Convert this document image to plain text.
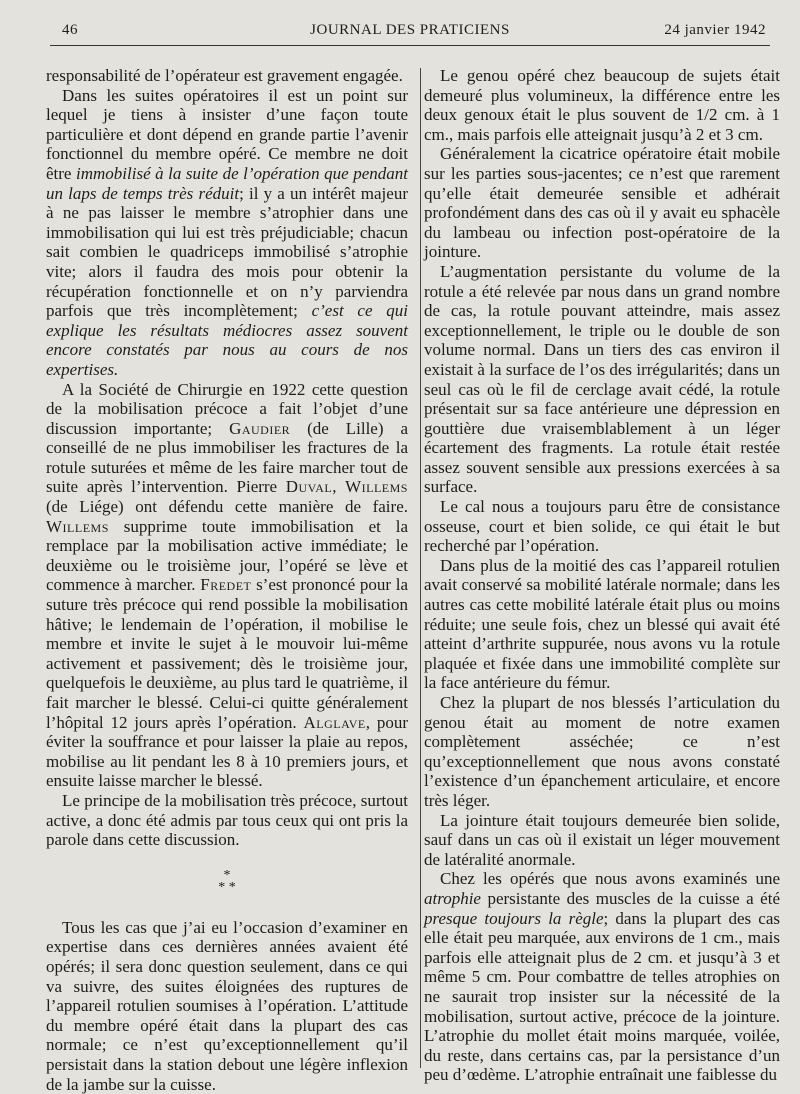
46	JOURNAL DES PRATICIENS	24 janvier 1942

responsabilité de l’opérateur est gravement engagée.

Dans les suites opératoires il est un point sur lequel je tiens à insister d’une façon toute particulière et dont dépend en grande partie l’avenir fonctionnel du membre opéré. Ce membre ne doit être immobilisé à la suite de l’opération que pendant un laps de temps très réduit; il y a un intérêt majeur à ne pas laisser le membre s’atrophier dans une immobilisation qui lui est très préjudiciable; chacun sait combien le quadriceps immobilisé s’atrophie vite; alors il faudra des mois pour obtenir la récupération fonctionnelle et on n’y parviendra parfois que très incomplètement; c’est ce qui explique les résultats médiocres assez souvent encore constatés par nous au cours de nos expertises.

A la Société de Chirurgie en 1922 cette question de la mobilisation précoce a fait l’objet d’une discussion importante; Gaudier (de Lille) a conseillé de ne plus immobiliser les fractures de la rotule suturées et même de les faire marcher tout de suite après l’intervention. Pierre Duval, Willems (de Liége) ont défendu cette manière de faire. Willems supprime toute immobilisation et la remplace par la mobilisation active immédiate; le deuxième ou le troisième jour, l’opéré se lève et commence à marcher. Fredet s’est prononcé pour la suture très précoce qui rend possible la mobilisation hâtive; le lendemain de l’opération, il mobilise le membre et invite le sujet à le mouvoir lui-même activement et passivement; dès le troisième jour, quelquefois le deuxième, au plus tard le quatrième, il fait marcher le blessé. Celui-ci quitte généralement l’hôpital 12 jours après l’opération. Alglave, pour éviter la souffrance et pour laisser la plaie au repos, mobilise au lit pendant les 8 à 10 premiers jours, et ensuite laisse marcher le blessé.

Le principe de la mobilisation très précoce, surtout active, a donc été admis par tous ceux qui ont pris la parole dans cette discussion.

*
* *

Tous les cas que j’ai eu l’occasion d’examiner en expertise dans ces dernières années avaient été opérés; il sera donc question seulement, dans ce qui va suivre, des suites éloignées des ruptures de l’appareil rotulien soumises à l’opération. L’attitude du membre opéré était dans la plupart des cas normale; ce n’est qu’exceptionnellement qu’il persistait dans la station debout une légère inflexion de la jambe sur la cuisse.

Le genou opéré chez beaucoup de sujets était demeuré plus volumineux, la différence entre les deux genoux était le plus souvent de 1/2 cm. à 1 cm., mais parfois elle atteignait jusqu’à 2 et 3 cm.

Généralement la cicatrice opératoire était mobile sur les parties sous-jacentes; ce n’est que rarement qu’elle était demeurée sensible et adhérait profondément dans des cas où il y avait eu sphacèle du lambeau ou infection post-opératoire de la jointure.

L’augmentation persistante du volume de la rotule a été relevée par nous dans un grand nombre de cas, la rotule pouvant atteindre, mais assez exceptionnellement, le triple ou le double de son volume normal. Dans un tiers des cas environ il existait à la surface de l’os des irrégularités; dans un seul cas où le fil de cerclage avait cédé, la rotule présentait sur sa face antérieure une dépression en gouttière due vraisemblablement à un léger écartement des fragments. La rotule était restée assez souvent sensible aux pressions exercées à sa surface.

Le cal nous a toujours paru être de consistance osseuse, court et bien solide, ce qui était le but recherché par l’opération.

Dans plus de la moitié des cas l’appareil rotulien avait conservé sa mobilité latérale normale; dans les autres cas cette mobilité latérale était plus ou moins réduite; une seule fois, chez un blessé qui avait été atteint d’arthrite suppurée, nous avons vu la rotule plaquée et fixée dans une immobilité complète sur la face antérieure du fémur.

Chez la plupart de nos blessés l’articulation du genou était au moment de notre examen complètement asséchée; ce n’est qu’exceptionnellement que nous avons constaté l’existence d’un épanchement articulaire, et encore très léger.

La jointure était toujours demeurée bien solide, sauf dans un cas où il existait un léger mouvement de latéralité anormale.

Chez les opérés que nous avons examinés une atrophie persistante des muscles de la cuisse a été presque toujours la règle; dans la plupart des cas elle était peu marquée, aux environs de 1 cm., mais parfois elle atteignait plus de 2 cm. et jusqu’à 3 et même 5 cm. Pour combattre de telles atrophies on ne saurait trop insister sur la nécessité de la mobilisation, surtout active, précoce de la jointure. L’atrophie du mollet était moins marquée, voilée, du reste, dans certains cas, par la persistance d’un peu d’œdème. L’atrophie entraînait une faiblesse du
